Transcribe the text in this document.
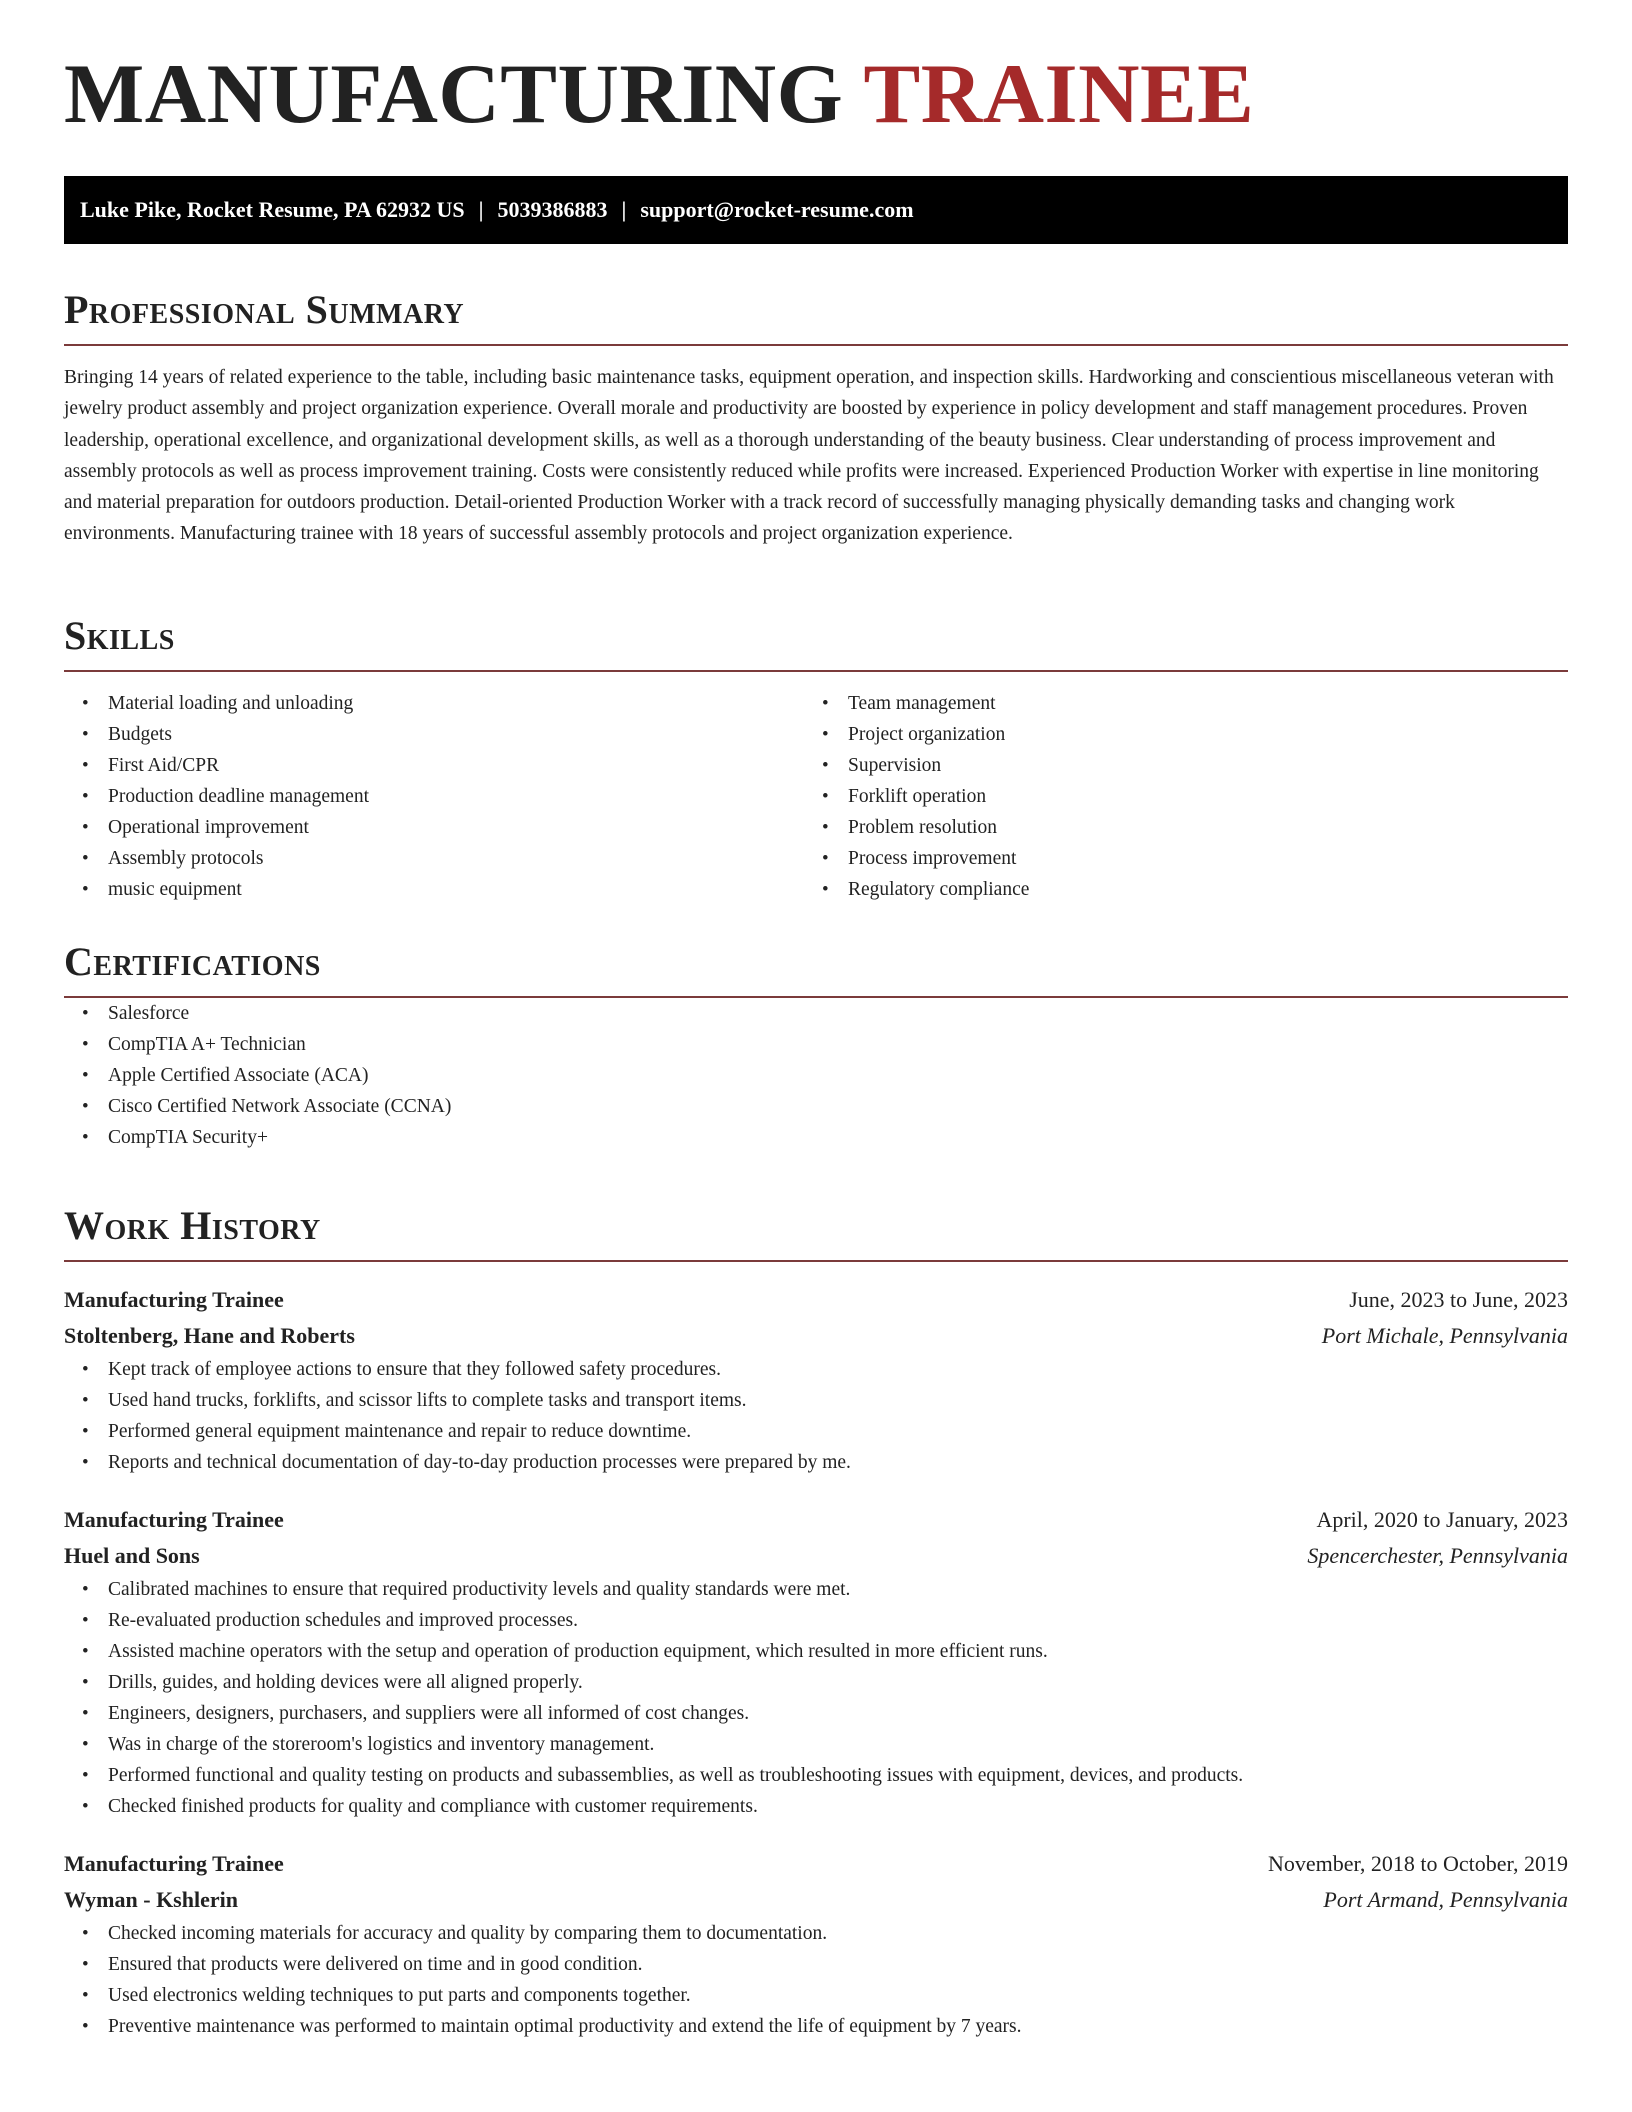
MANUFACTURING TRAINEE
Luke Pike, Rocket Resume, PA 62932 US | 5039386883 | support@rocket-resume.com
Professional Summary

Bringing 14 years of related experience to the table, including basic maintenance tasks, equipment operation, and inspection skills. Hardworking and conscientious miscellaneous veteran with jewelry product assembly and project organization experience. Overall morale and productivity are boosted by experience in policy development and staff management procedures. Proven leadership, operational excellence, and organizational development skills, as well as a thorough understanding of the beauty business. Clear understanding of process improvement and assembly protocols as well as process improvement training. Costs were consistently reduced while profits were increased. Experienced Production Worker with expertise in line monitoring and material preparation for outdoors production. Detail-oriented Production Worker with a track record of successfully managing physically demanding tasks and changing work environments. Manufacturing trainee with 18 years of successful assembly protocols and project organization experience.

Skills
• Material loading and unloading
• Budgets
• First Aid/CPR
• Production deadline management
• Operational improvement
• Assembly protocols
• music equipment
• Team management
• Project organization
• Supervision
• Forklift operation
• Problem resolution
• Process improvement
• Regulatory compliance
Certifications
• Salesforce
• CompTIA A+ Technician
• Apple Certified Associate (ACA)
• Cisco Certified Network Associate (CCNA)
• CompTIA Security+
Work History
Manufacturing Trainee	June, 2023 to June, 2023
Stoltenberg, Hane and Roberts	Port Michale, Pennsylvania
• Kept track of employee actions to ensure that they followed safety procedures.
• Used hand trucks, forklifts, and scissor lifts to complete tasks and transport items.
• Performed general equipment maintenance and repair to reduce downtime.
• Reports and technical documentation of day-to-day production processes were prepared by me.
Manufacturing Trainee	April, 2020 to January, 2023
Huel and Sons	Spencerchester, Pennsylvania
• Calibrated machines to ensure that required productivity levels and quality standards were met.
• Re-evaluated production schedules and improved processes.
• Assisted machine operators with the setup and operation of production equipment, which resulted in more efficient runs.
• Drills, guides, and holding devices were all aligned properly.
• Engineers, designers, purchasers, and suppliers were all informed of cost changes.
• Was in charge of the storeroom's logistics and inventory management.
• Performed functional and quality testing on products and subassemblies, as well as troubleshooting issues with equipment, devices, and products.
• Checked finished products for quality and compliance with customer requirements.
Manufacturing Trainee	November, 2018 to October, 2019
Wyman - Kshlerin	Port Armand, Pennsylvania
• Checked incoming materials for accuracy and quality by comparing them to documentation.
• Ensured that products were delivered on time and in good condition.
• Used electronics welding techniques to put parts and components together.
• Preventive maintenance was performed to maintain optimal productivity and extend the life of equipment by 7 years.
